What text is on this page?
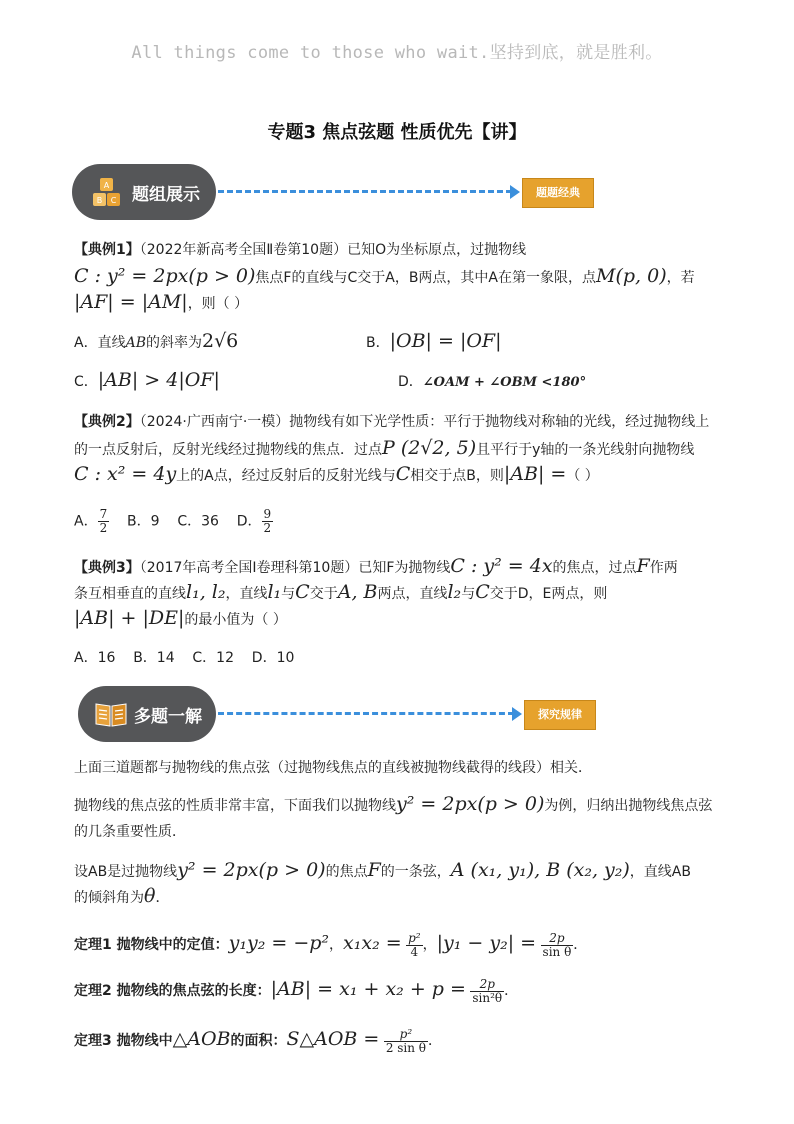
All things come to those who wait.坚持到底，就是胜利。
专题3 焦点弦题 性质优先【讲】
A
B C 题组展示	题题经典
【典例1】（2022年新高考全国Ⅱ卷第10题）已知O为坐标原点，过抛物线
C : y² = 2px(p > 0)焦点F的直线与C交于A，B两点，其中A在第一象限，点M(p, 0)，若
|AF| = |AM|，则（ ）
A．直线AB的斜率为2√6	B．|OB| = |OF|
C．|AB| > 4|OF|	D．∠OAM + ∠OBM <180°
【典例2】（2024·广西南宁·一模）抛物线有如下光学性质：平行于抛物线对称轴的光线，经过抛物线上
的一点反射后，反射光线经过抛物线的焦点．过点P (2√2, 5)且平行于y轴的一条光线射向抛物线
C : x² = 4y上的A点，经过反射后的反射光线与C相交于点B，则|AB| =（ ）
A． $\frac{7}{2}$ B．9 C．36 D． $\frac{9}{2}$
【典例3】（2017年高考全国Ⅰ卷理科第10题）已知F为抛物线C : y² = 4x的焦点，过点F作两
条互相垂直的直线l₁, l₂，直线l₁与C交于A, B两点，直线l₂与C交于D，E两点，则
|AB| + |DE|的最小值为（ ）
A．16    B．14    C．12    D．10
多题一解	探究规律
上面三道题都与抛物线的焦点弦（过抛物线焦点的直线被抛物线截得的线段）相关．
抛物线的焦点弦的性质非常丰富，下面我们以抛物线y² = 2px(p > 0)为例，归纳出抛物线焦点弦
的几条重要性质．
设AB是过抛物线y² = 2px(p > 0)的焦点F的一条弦，A (x₁, y₁), B (x₂, y₂)，直线AB
的倾斜角为θ．
定理1 抛物线中的定值：y₁y₂ = −p²，$x_1x_2 = \frac{\text{p²}}{4}$ ，$|y_1 - y_2| = \frac{2p}{\text{sin θ}}$ ．
定理2 抛物线的焦点弦的长度：$|AB| = x_1 + x_2 + p = \frac{2p}{\text{sin²θ}}$ ．
定理3 抛物线中△AOB的面积：S△AOB = $\frac{\text{p²}}{\text{2 sin θ}}$ ．
